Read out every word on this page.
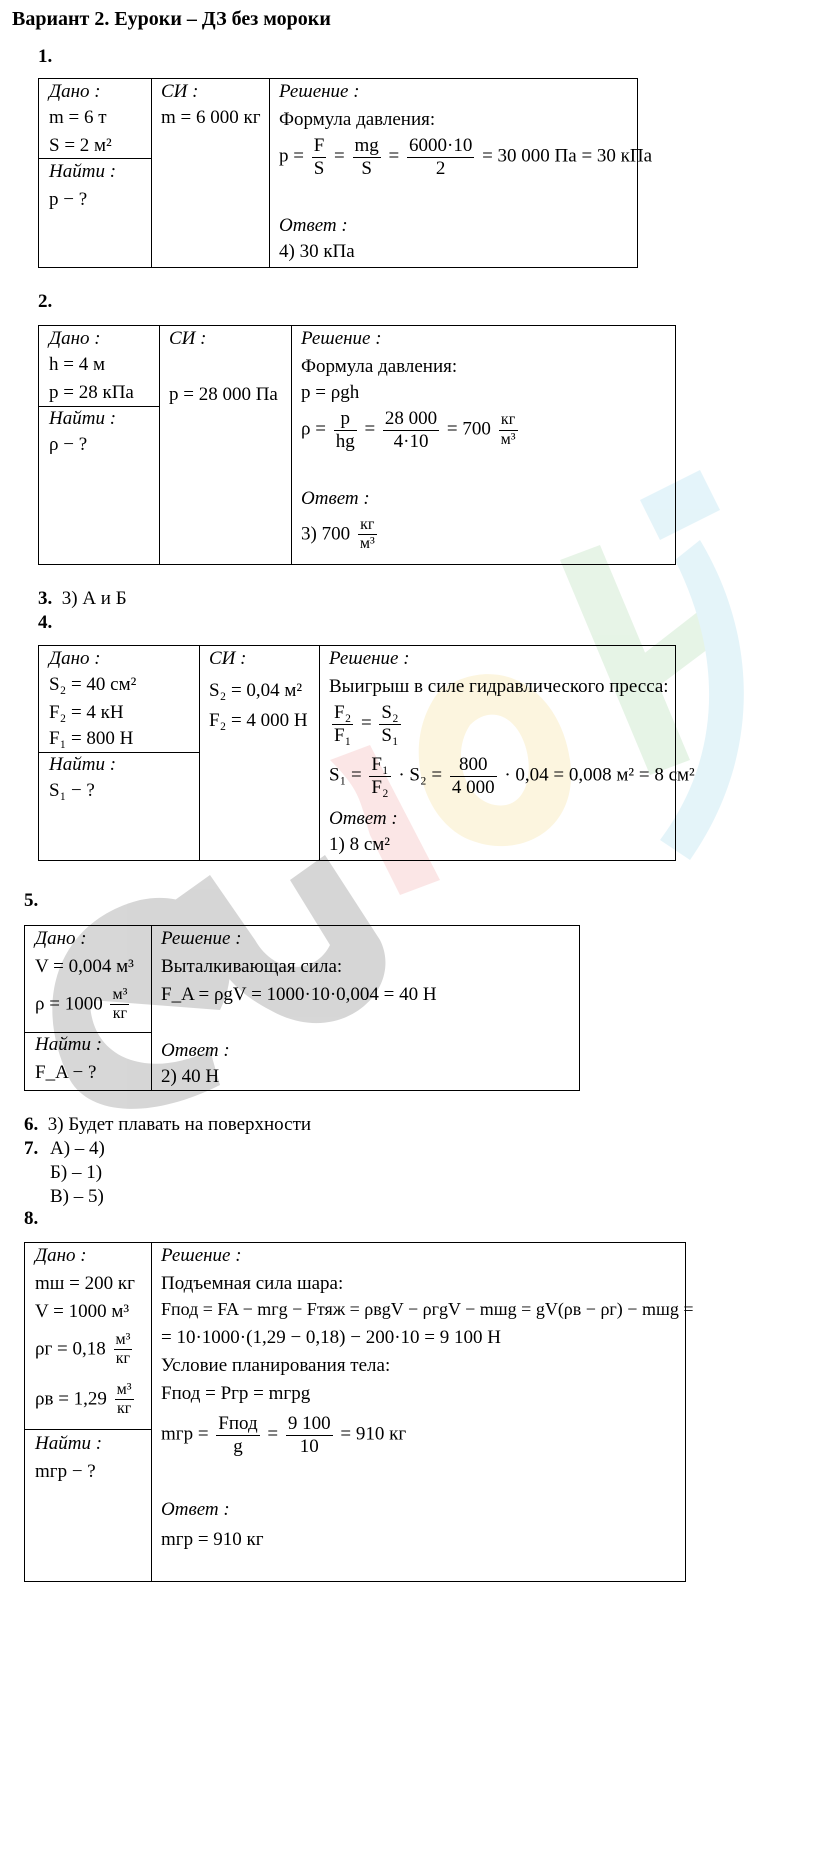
Вариант 2. Еуроки – ДЗ без мороки
1.
Дано :
m = 6 т
S = 2 м²
Найти :
p − ?
СИ :
m = 6 000 кг
Решение :
Формула давления:
$p = \frac{F}{S} = \frac{mg}{S} = \frac{6000\cdot 10}{2} = 30$ 000 Па = 30 кПа
Ответ :
4) 30 кПа
2.
Дано :
h = 4 м
p = 28 кПа
Найти :
ρ − ?
СИ :
p = 28 000 Па
Решение :
Формула давления:
p = ρgh
$\rho = \frac{p}{hg} = \frac{28 000}{4\cdot 10} = 700 \frac{кг}{\text{м³}}$
Ответ :
3) $700 \frac{кг}{\text{м³}}$
3. 3) А и Б
4.
Дано :
S₂ = 40 см²
F₂ = 4 кН
F₁ = 800 Н
Найти :
S₁ − ?
СИ :
S₂ = 0,04 м²
F₂ = 4 000 Н
Решение :
Выигрыш в силе гидравлического пресса:
$\frac{\text{F₂}}{\text{F₁}} = \frac{\text{S₂}}{\text{S₁}}$
$S_1 = \frac{\text{F₁}}{\text{F₂}} \cdot S_2 = \frac{800}{4 000} \cdot 0,04 = 0,008$ м² = 8 см²
Ответ :
1) 8 см²
5.
Дано :
V = 0,004 м³
$\rho = 1000 \frac{\text{м³}}{кг}$
Найти :
F_A − ?
Решение :
Выталкивающая сила:
F_A = ρgV = 1000·10·0,004 = 40 Н
Ответ :
2) 40 Н
6. 3) Будет плавать на поверхности
7. А) – 4)
Б) – 1)
В) – 5)
8.
Дано :
mш = 200 кг
V = 1000 м³
$\rho г = 0,18 \frac{\text{м³}}{кг}$
$\rho в = 1,29 \frac{\text{м³}}{кг}$
Найти :
mгр − ?
Решение :
Подъемная сила шара:
Fпод = FA − mгg − Fтяж = ρвgV − ρгgV − mшg = gV(ρв − ρг) − mшg =
= 10·1000·(1,29 − 0,18) − 200·10 = 9 100 Н
Условие планирования тела:
Fпод = Pгр = mгрg
mгр = $\frac{\text{Fпод}}{g} = \frac{9 100}{10} = 910$ кг
Ответ :
mгр = 910 кг
